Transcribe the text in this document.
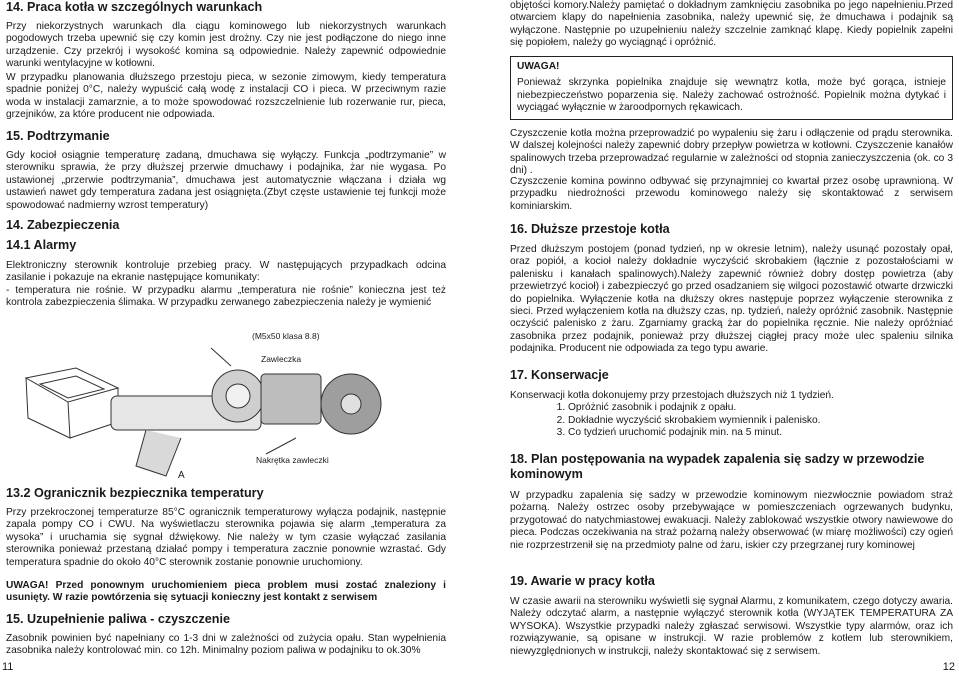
14. Praca kotła w szczególnych warunkach

Przy niekorzystnych warunkach dla ciągu kominowego lub niekorzystnych warunkach pogodowych trzeba upewnić się czy komin jest drożny. Czy nie jest podłączone do niego inne urządzenie. Czy przekrój i wysokość komina są odpowiednie. Należy zapewnić odpowiednie warunki wentylacyjne w kotłowni.

W przypadku planowania dłuższego przestoju pieca, w sezonie zimowym, kiedy temperatura spadnie poniżej 0°C, należy wypuścić całą wodę z instalacji CO i pieca. W przeciwnym razie woda w instalacji zamarznie, a to może spowodować rozszczelnienie lub rozerwanie rur, pieca, grzejników, za które producent nie odpowiada.

15. Podtrzymanie

Gdy kocioł osiągnie temperaturę zadaną, dmuchawa się wyłączy. Funkcja „podtrzymanie” w sterowniku sprawia, że przy dłuższej przerwie dmuchawy i podajnika, żar nie wygasa. Po ustawionej „przerwie podtrzymania”, dmuchawa jest automatycznie włączana i działa wg ustawień nawet gdy temperatura zadana jest osiągnięta.(Zbyt częste ustawienie tej funkcji może spowodować nadmierny wzrost temperatury)

14. Zabezpieczenia
14.1 Alarmy

Elektroniczny sterownik kontroluje przebieg pracy. W następujących przypadkach odcina zasilanie i pokazuje na ekranie następujące komunikaty:

- temperatura nie rośnie. W przypadku alarmu „temperatura nie rośnie” konieczna jest też kontrola zabezpieczenia ślimaka. W przypadku zerwanego zabezpieczenia należy je wymienić

(M5x50 klasa 8.8)
Zawleczka
Nakrętka zawleczki
A
13.2 Ogranicznik bezpiecznika temperatury

Przy przekroczonej temperaturze 85°C ogranicznik temperaturowy wyłącza podajnik, następnie zapala pompy CO i CWU. Na wyświetlaczu sterownika pojawia się alarm „temperatura za wysoka” i uruchamia się sygnał dźwiękowy. Nie należy w tym czasie wyłączać zasilania sterownika ponieważ przestaną działać pompy i temperatura zacznie ponownie wzrastać. Gdy temperatura spadnie do około 40°C sterownik zostanie ponownie uruchomiony.

UWAGA! Przed ponownym uruchomieniem pieca problem musi zostać znaleziony i usunięty. W razie powtórzenia się sytuacji konieczny jest kontakt z serwisem

15. Uzupełnienie paliwa - czyszczenie

Zasobnik powinien być napełniany co 1-3 dni w zależności od zużycia opału. Stan wypełnienia zasobnika należy kontrolować min. co 12h. Minimalny poziom paliwa w podajniku to ok.30%

11

objętości komory.Należy pamiętać o dokładnym zamknięciu zasobnika po jego napełnieniu.Przed otwarciem klapy do napełnienia zasobnika, należy upewnić się, że dmuchawa i podajnik są wyłączone. Następnie po uzupełnieniu należy szczelnie zamknąć klapę. Kiedy popielnik zapełni się popiołem, należy go wyciągnąć i opróżnić.

UWAGA!

Ponieważ skrzynka popielnika znajduje się wewnątrz kotła, może być gorąca, istnieje niebezpieczeństwo poparzenia się. Należy zachować ostrożność. Popielnik można dytykać i wyciągać wyłącznie w żaroodpornych rękawicach.

Czyszczenie kotła można przeprowadzić po wypaleniu się żaru i odłączenie od prądu sterownika. W dalszej kolejności należy zapewnić dobry przepływ powietrza w kotłowni. Czyszczenie kanałów spalinowych trzeba przeprowadzać regularnie w zależności od stopnia zanieczyszczenia (ok. co 3 dni) .

Czyszczenie komina powinno odbywać się przynajmniej co kwartał przez osobę uprawnioną. W przypadku niedrożności przewodu kominowego należy się skontaktować z serwisem kominiarskim.

16. Dłuższe przestoje kotła

Przed dłuższym postojem (ponad tydzień, np w okresie letnim), należy usunąć pozostały opał, oraz popiół, a kocioł należy dokładnie wyczyścić skrobakiem (łącznie z pozostałościami w palenisku i kanałach spalinowych).Należy zapewnić również dobry dostęp powietrza (aby przewietrzyć kocioł) i zabezpieczyć go przed osadzaniem się wilgoci pozostawić otwarte drzwiczki do popielnika. Wyłączenie kotła na dłuższy okres następuje poprzez wyłączenie sterownika z sieci. Przed wyłączeniem kotła na dłuższy czas, np. tydzień, należy opróżnić zasobnik. Następnie oczyścić palenisko z żaru. Zgarniamy gracką żar do popielnika ręcznie. Nie należy opróżniać zasobnika przez podajnik, ponieważ przy dłuższej ciągłej pracy może ulec spaleniu silnika podajnika. Producent nie odpowiada za tego typu awarie.

17. Konserwacje

Konserwacji kotła dokonujemy przy przestojach dłuższych niż 1 tydzień.

1. Opróżnić zasobnik i podajnik z opału.
2. Dokładnie wyczyścić skrobakiem wymiennik i palenisko.
3. Co tydzień uruchomić podajnik min. na 5 minut.
18. Plan postępowania na wypadek zapalenia się sadzy w przewodzie kominowym

W przypadku zapalenia się sadzy w przewodzie kominowym niezwłocznie powiadom straż pożarną. Należy ostrzec osoby przebywające w pomieszczeniach ogrzewanych budynku, przygotować do natychmiastowej ewakuacji. Należy zablokować wszystkie otwory nawiewowe do pieca. Podczas oczekiwania na straż pożarną należy obserwować (w miarę możliwości) czy ogień nie rozprzestrzenił się na przedmioty palne od żaru, iskier czy przegrzanej rury kominowej

19. Awarie w pracy kotła

W czasie awarii na sterowniku wyświetli się sygnał Alarmu, z komunikatem, czego dotyczy awaria. Należy odczytać alarm, a następnie wyłączyć sterownik kotła (WYJĄTEK TEMPERATURA ZA WYSOKA). Wszystkie przypadki należy zgłaszać serwisowi. Wszystkie typy alarmów, oraz ich rozwiązywanie, są opisane w instrukcji. W razie problemów z kotłem lub sterownikiem, niewyzględnionych w instrukcji, należy skontaktować się z serwisem.

12
